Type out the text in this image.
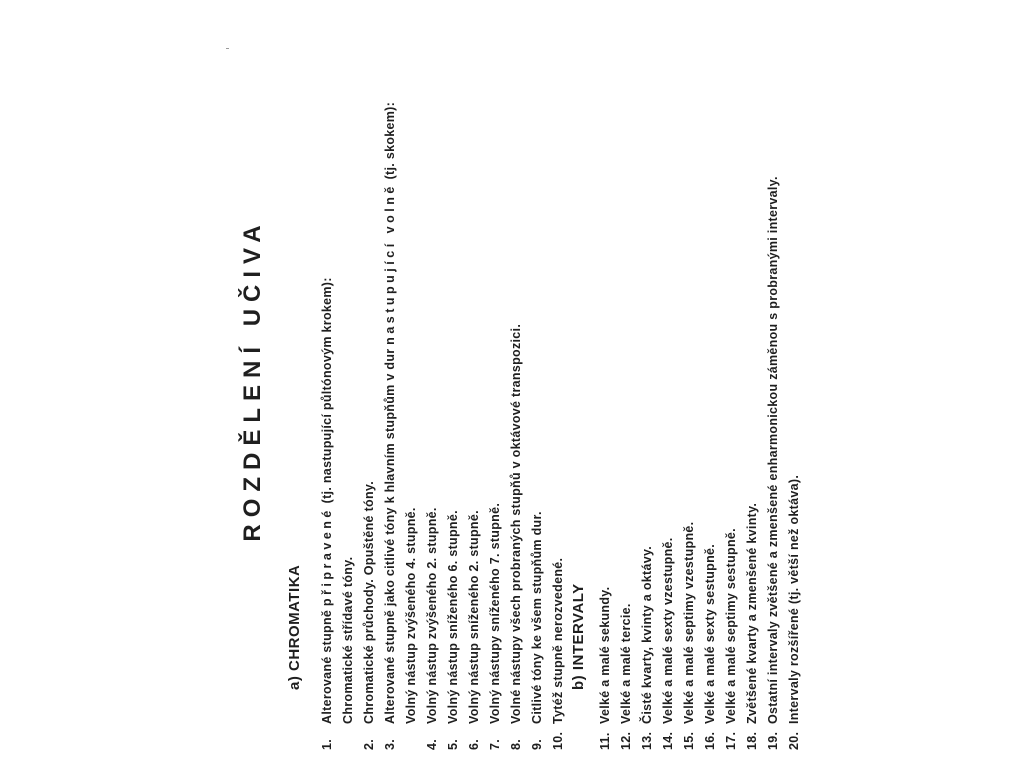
ROZDĚLENÍ UČIVA
a) CHROMATIKA
1.Alterované stupně připravené (tj. nastupující půltónovým krokem):
Chromatické střídavé tóny.
2.Chromatické průchody. Opuštěné tóny.
3.Alterované stupně jako citlivé tóny k hlavním stupňům v dur nastupující volně (tj. skokem):
Volný nástup zvýšeného 4. stupně.
4.Volný nástup zvýšeného 2. stupně.
5.Volný nástup sníženého 6. stupně.
6.Volný nástup sníženého 2. stupně.
7.Volný nástupy sníženého 7. stupně.
8.Volné nástupy všech probraných stupňů v oktávové transpozici.
9.Citlivé tóny ke všem stupňům dur.
10.Tytéž stupně nerozvedené. b) INTERVALY
11.Velké a malé sekundy.
12.Velké a malé tercie.
13.Čisté kvarty, kvinty a oktávy.
14.Velké a malé sexty vzestupně.
15.Velké a malé septimy vzestupně.
16.Velké a malé sexty sestupně.
17.Velké a malé septimy sestupně.
18.Zvětšené kvarty a zmenšené kvinty.
19.Ostatní intervaly zvětšené a zmenšené enharmonickou záměnou s probranými intervaly.
20.Intervaly rozšířené (tj. větší než oktáva).
